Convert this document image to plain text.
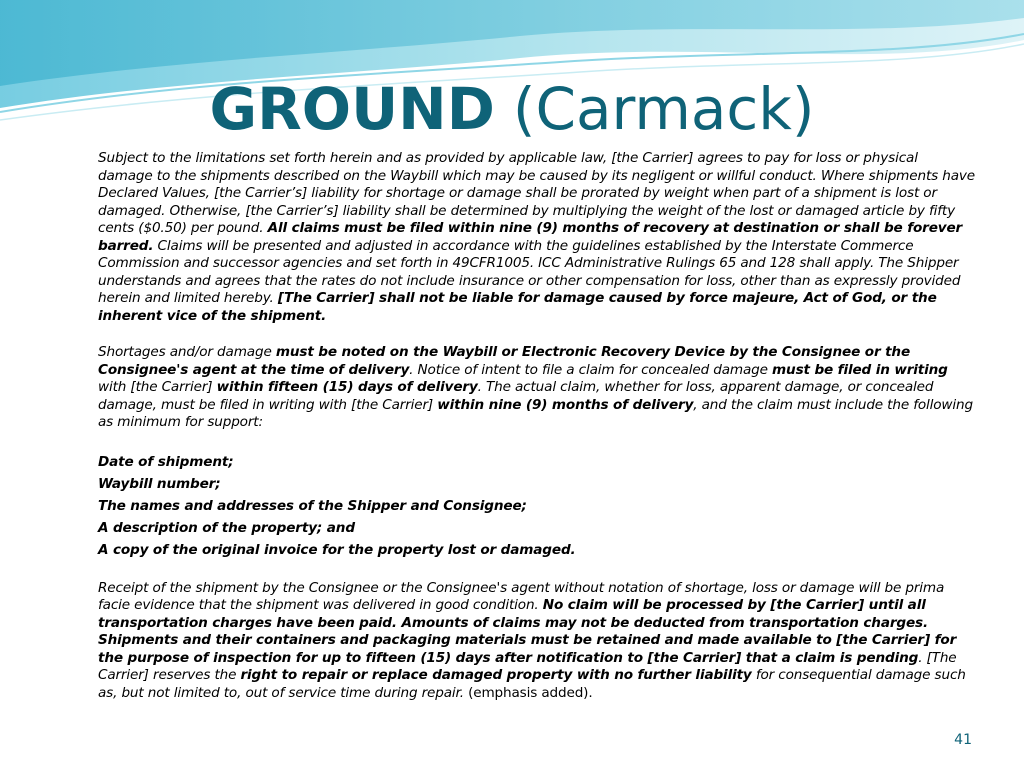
GROUND (Carmack)

Subject to the limitations set forth herein and as provided by applicable law, [the Carrier] agrees to pay for loss or physical damage to the shipments described on the Waybill which may be caused by its negligent or willful conduct. Where shipments have Declared Values, [the Carrier’s] liability for shortage or damage shall be prorated by weight when part of a shipment is lost or damaged. Otherwise, [the Carrier’s] liability shall be determined by multiplying the weight of the lost or damaged article by fifty cents ($0.50) per pound. All claims must be filed within nine (9) months of recovery at destination or shall be forever barred. Claims will be presented and adjusted in accordance with the guidelines established by the Interstate Commerce Commission and successor agencies and set forth in 49CFR1005. ICC Administrative Rulings 65 and 128 shall apply. The Shipper understands and agrees that the rates do not include insurance or other compensation for loss, other than as expressly provided herein and limited hereby. [The Carrier] shall not be liable for damage caused by force majeure, Act of God, or the inherent vice of the shipment.

Shortages and/or damage must be noted on the Waybill or Electronic Recovery Device by the Consignee or the Consignee's agent at the time of delivery. Notice of intent to file a claim for concealed damage must be filed in writing with [the Carrier] within fifteen (15) days of delivery. The actual claim, whether for loss, apparent damage, or concealed damage, must be filed in writing with [the Carrier] within nine (9) months of delivery, and the claim must include the following as minimum for support:

Date of shipment;
Waybill number;
The names and addresses of the Shipper and Consignee;
A description of the property; and
A copy of the original invoice for the property lost or damaged.

Receipt of the shipment by the Consignee or the Consignee's agent without notation of shortage, loss or damage will be prima facie evidence that the shipment was delivered in good condition. No claim will be processed by [the Carrier] until all transportation charges have been paid. Amounts of claims may not be deducted from transportation charges. Shipments and their containers and packaging materials must be retained and made available to [the Carrier] for the purpose of inspection for up to fifteen (15) days after notification to [the Carrier] that a claim is pending. [The Carrier] reserves the right to repair or replace damaged property with no further liability for consequential damage such as, but not limited to, out of service time during repair. (emphasis added).

41
